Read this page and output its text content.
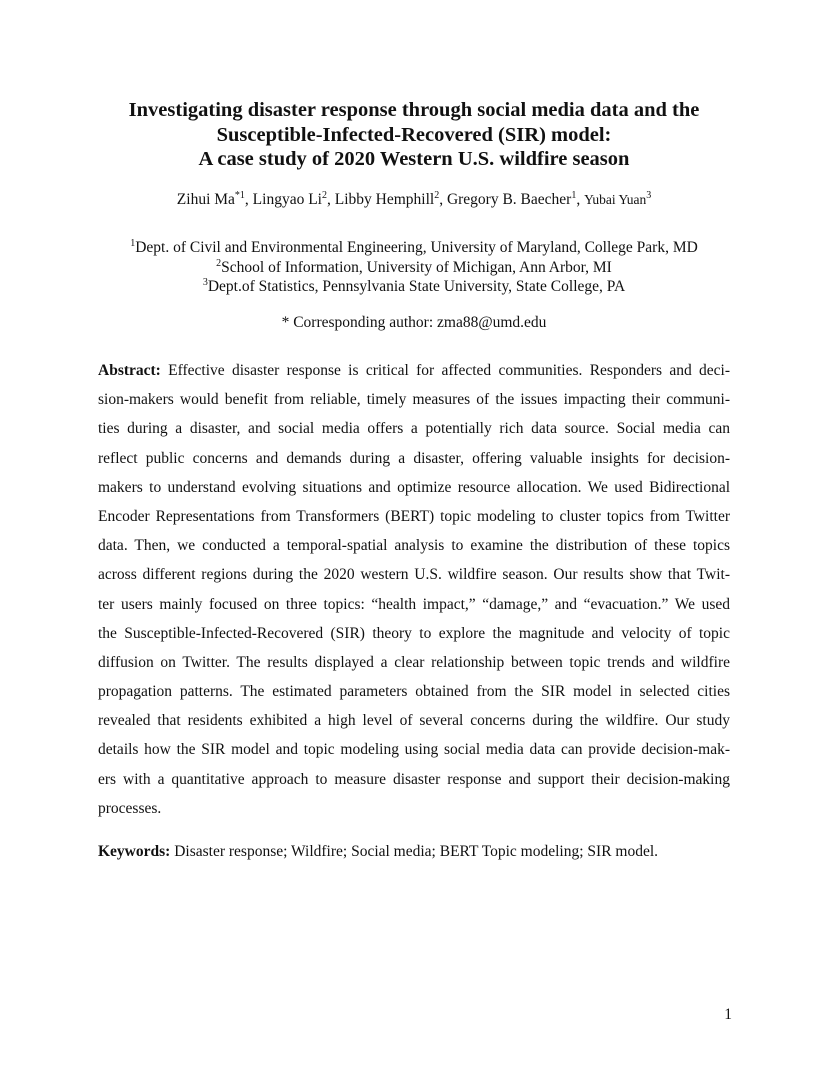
Investigating disaster response through social media data and the
Susceptible-Infected-Recovered (SIR) model:
A case study of 2020 Western U.S. wildfire season
Zihui Ma$^{*1}$, Lingyao Li$^2$, Libby Hemphill$^2$, Gregory B. Baecher$^1$, Yubai Yuan$^3$
$^1$Dept. of Civil and Environmental Engineering, University of Maryland, College Park, MD
$^2$School of Information, University of Michigan, Ann Arbor, MI
$^3$Dept.of Statistics, Pennsylvania State University, State College, PA
* Corresponding author: zma88@umd.edu
Abstract: Effective disaster response is critical for affected communities. Responders and deci-
sion-makers would benefit from reliable, timely measures of the issues impacting their communi-
ties during a disaster, and social media offers a potentially rich data source. Social media can
reflect public concerns and demands during a disaster, offering valuable insights for decision-
makers to understand evolving situations and optimize resource allocation. We used Bidirectional
Encoder Representations from Transformers (BERT) topic modeling to cluster topics from Twitter
data. Then, we conducted a temporal-spatial analysis to examine the distribution of these topics
across different regions during the 2020 western U.S. wildfire season. Our results show that Twit-
ter users mainly focused on three topics: “health impact,” “damage,” and “evacuation.” We used
the Susceptible-Infected-Recovered (SIR) theory to explore the magnitude and velocity of topic
diffusion on Twitter. The results displayed a clear relationship between topic trends and wildfire
propagation patterns. The estimated parameters obtained from the SIR model in selected cities
revealed that residents exhibited a high level of several concerns during the wildfire. Our study
details how the SIR model and topic modeling using social media data can provide decision-mak-
ers with a quantitative approach to measure disaster response and support their decision-making
processes.
Keywords: Disaster response; Wildfire; Social media; BERT Topic modeling; SIR model.
1
